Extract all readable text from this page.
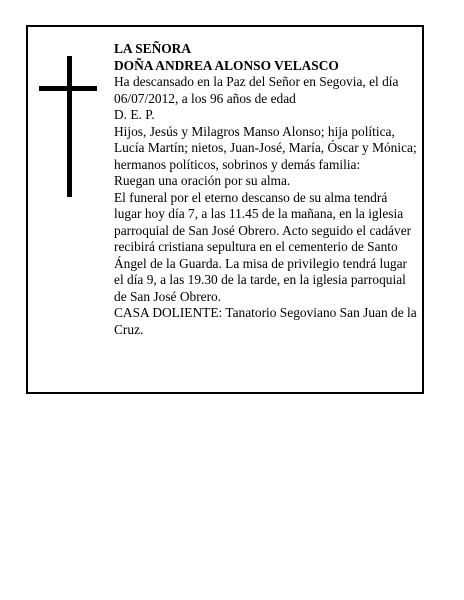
LA SEÑORA

DOÑA ANDREA ALONSO VELASCO

Ha descansado en la Paz del Señor en Segovia, el día 06/07/2012, a los 96 años de edad

D. E. P.

Hijos, Jesús y Milagros Manso Alonso; hija política, Lucía Martín; nietos, Juan-José, María, Óscar y Mónica; hermanos políticos, sobrinos y demás familia:

Ruegan una oración por su alma.

El funeral por el eterno descanso de su alma tendrá lugar hoy día 7, a las 11.45 de la mañana, en la iglesia parroquial de San José Obrero. Acto seguido el cadáver recibirá cristiana sepultura en el cementerio de Santo Ángel de la Guarda. La misa de privilegio tendrá lugar el día 9, a las 19.30 de la tarde, en la iglesia parroquial de San José Obrero.

CASA DOLIENTE: Tanatorio Segoviano San Juan de la Cruz.
